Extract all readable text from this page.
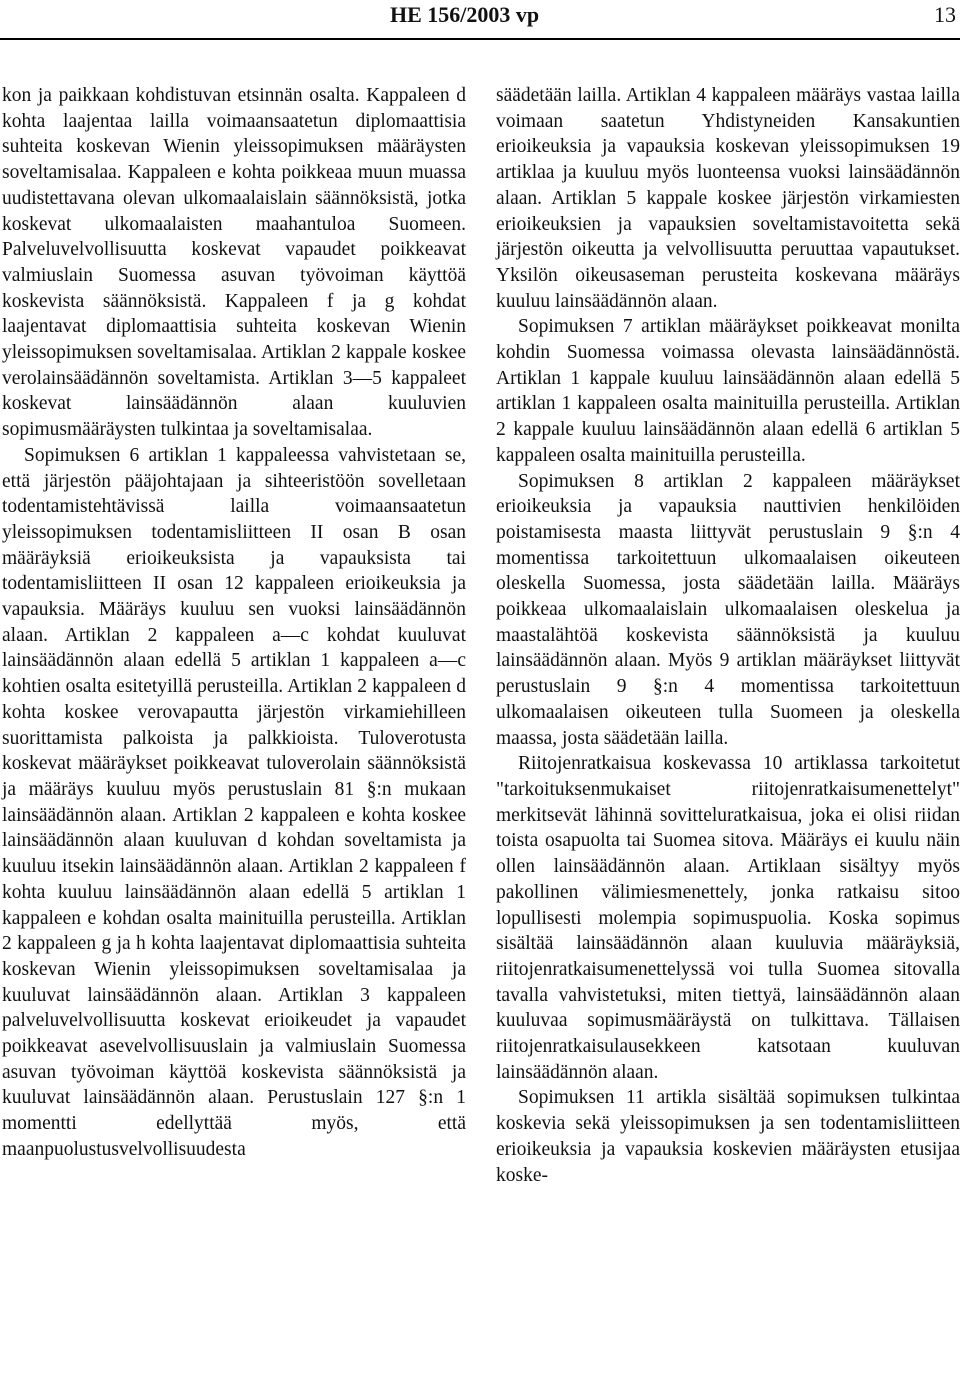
HE 156/2003 vp	13

kon ja paikkaan kohdistuvan etsinnän osalta. Kappaleen d kohta laajentaa lailla voimaansaatetun diplomaattisia suhteita koskevan Wienin yleissopimuksen määräysten soveltamisalaa. Kappaleen e kohta poikkeaa muun muassa uudistettavana olevan ulkomaalaislain säännöksistä, jotka koskevat ulkomaalaisten maahantuloa Suomeen. Palveluvelvollisuutta koskevat vapaudet poikkeavat valmiuslain Suomessa asuvan työvoiman käyttöä koskevista säännöksistä. Kappaleen f ja g kohdat laajentavat diplomaattisia suhteita koskevan Wienin yleissopimuksen soveltamisalaa. Artiklan 2 kappale koskee verolainsäädännön soveltamista. Artiklan 3—5 kappaleet koskevat lainsäädännön alaan kuuluvien sopimusmääräysten tulkintaa ja soveltamisalaa.

Sopimuksen 6 artiklan 1 kappaleessa vahvistetaan se, että järjestön pääjohtajaan ja sihteeristöön sovelletaan todentamistehtävissä lailla voimaansaatetun yleissopimuksen todentamisliitteen II osan B osan määräyksiä erioikeuksista ja vapauksista tai todentamisliitteen II osan 12 kappaleen erioikeuksia ja vapauksia. Määräys kuuluu sen vuoksi lainsäädännön alaan. Artiklan 2 kappaleen a—c kohdat kuuluvat lainsäädännön alaan edellä 5 artiklan 1 kappaleen a—c kohtien osalta esitetyillä perusteilla. Artiklan 2 kappaleen d kohta koskee verovapautta järjestön virkamiehilleen suorittamista palkoista ja palkkioista. Tuloverotusta koskevat määräykset poikkeavat tuloverolain säännöksistä ja määräys kuuluu myös perustuslain 81 §:n mukaan lainsäädännön alaan. Artiklan 2 kappaleen e kohta koskee lainsäädännön alaan kuuluvan d kohdan soveltamista ja kuuluu itsekin lainsäädännön alaan. Artiklan 2 kappaleen f kohta kuuluu lainsäädännön alaan edellä 5 artiklan 1 kappaleen e kohdan osalta mainituilla perusteilla. Artiklan 2 kappaleen g ja h kohta laajentavat diplomaattisia suhteita koskevan Wienin yleissopimuksen soveltamisalaa ja kuuluvat lainsäädännön alaan. Artiklan 3 kappaleen palveluvelvollisuutta koskevat erioikeudet ja vapaudet poikkeavat asevelvollisuuslain ja valmiuslain Suomessa asuvan työvoiman käyttöä koskevista säännöksistä ja kuuluvat lainsäädännön alaan. Perustuslain 127 §:n 1 momentti edellyttää myös, että maanpuolustusvelvollisuudesta

säädetään lailla. Artiklan 4 kappaleen määräys vastaa lailla voimaan saatetun Yhdistyneiden Kansakuntien erioikeuksia ja vapauksia koskevan yleissopimuksen 19 artiklaa ja kuuluu myös luonteensa vuoksi lainsäädännön alaan. Artiklan 5 kappale koskee järjestön virkamiesten erioikeuksien ja vapauksien soveltamistavoitetta sekä järjestön oikeutta ja velvollisuutta peruuttaa vapautukset. Yksilön oikeusaseman perusteita koskevana määräys kuuluu lainsäädännön alaan.

Sopimuksen 7 artiklan määräykset poikkeavat monilta kohdin Suomessa voimassa olevasta lainsäädännöstä. Artiklan 1 kappale kuuluu lainsäädännön alaan edellä 5 artiklan 1 kappaleen osalta mainituilla perusteilla. Artiklan 2 kappale kuuluu lainsäädännön alaan edellä 6 artiklan 5 kappaleen osalta mainituilla perusteilla.

Sopimuksen 8 artiklan 2 kappaleen määräykset erioikeuksia ja vapauksia nauttivien henkilöiden poistamisesta maasta liittyvät perustuslain 9 §:n 4 momentissa tarkoitettuun ulkomaalaisen oikeuteen oleskella Suomessa, josta säädetään lailla. Määräys poikkeaa ulkomaalaislain ulkomaalaisen oleskelua ja maastalähtöä koskevista säännöksistä ja kuuluu lainsäädännön alaan. Myös 9 artiklan määräykset liittyvät perustuslain 9 §:n 4 momentissa tarkoitettuun ulkomaalaisen oikeuteen tulla Suomeen ja oleskella maassa, josta säädetään lailla.

Riitojenratkaisua koskevassa 10 artiklassa tarkoitetut "tarkoituksenmukaiset riitojenratkaisumenettelyt" merkitsevät lähinnä sovitteluratkaisua, joka ei olisi riidan toista osapuolta tai Suomea sitova. Määräys ei kuulu näin ollen lainsäädännön alaan. Artiklaan sisältyy myös pakollinen välimiesmenettely, jonka ratkaisu sitoo lopullisesti molempia sopimuspuolia. Koska sopimus sisältää lainsäädännön alaan kuuluvia määräyksiä, riitojenratkaisumenettelyssä voi tulla Suomea sitovalla tavalla vahvistetuksi, miten tiettyä, lainsäädännön alaan kuuluvaa sopimusmääräystä on tulkittava. Tällaisen riitojenratkaisulausekkeen katsotaan kuuluvan lainsäädännön alaan.

Sopimuksen 11 artikla sisältää sopimuksen tulkintaa koskevia sekä yleissopimuksen ja sen todentamisliitteen erioikeuksia ja vapauksia koskevien määräysten etusijaa koske-
